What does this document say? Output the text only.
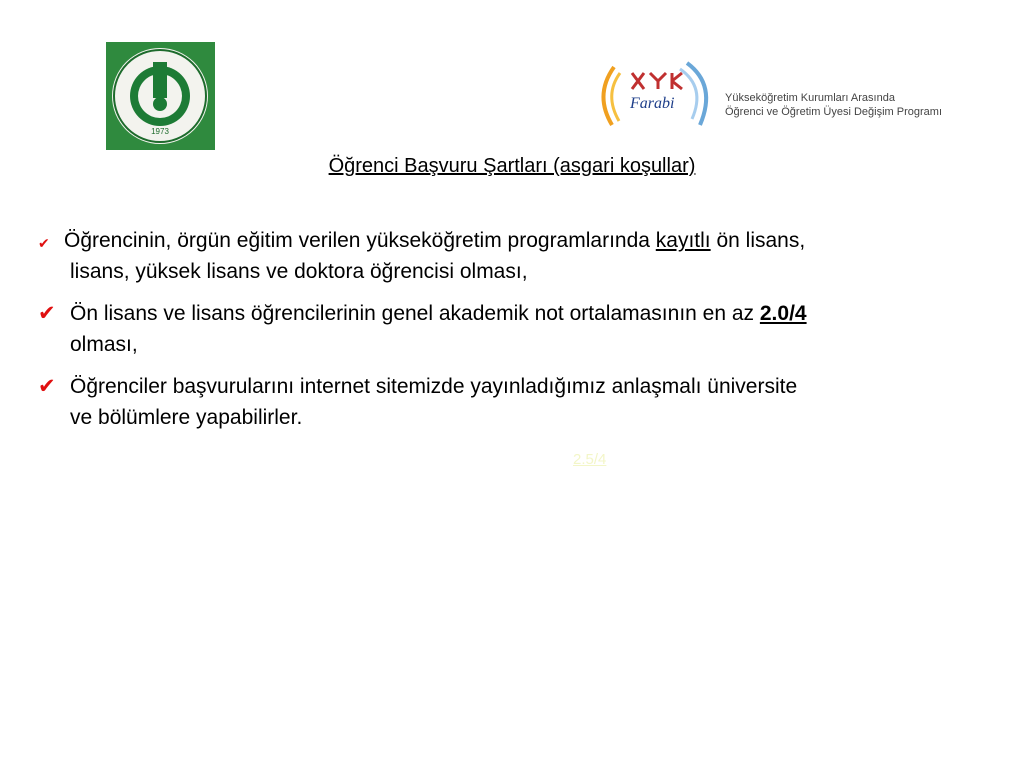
1973
Farabi	Yükseköğretim Kurumları Arasında
Öğrenci ve Öğretim Üyesi Değişim Programı
Öğrenci Başvuru Şartları (asgari koşullar)
✔ Öğrencinin, örgün eğitim verilen yükseköğretim programlarında kayıtlı ön lisans,
lisans, yüksek lisans ve doktora öğrencisi olması,
✔ Ön lisans ve lisans öğrencilerinin genel akademik not ortalamasının en az 2.0/4
olması,
✔ Öğrenciler başvurularını internet sitemizde yayınladığımız anlaşmalı üniversite
ve bölümlere yapabilirler.
2.5/4
